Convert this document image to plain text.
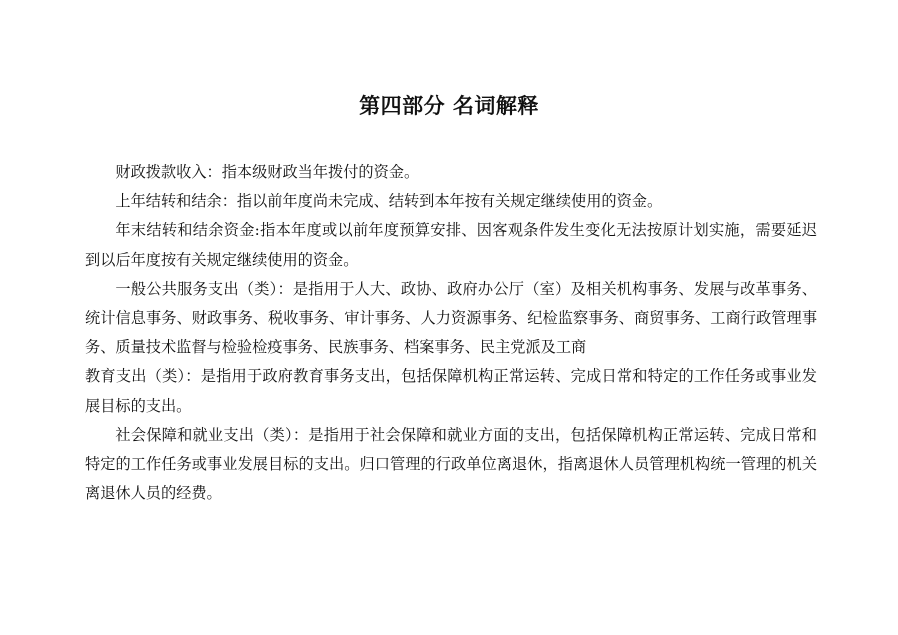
第四部分 名词解释

财政拨款收入：指本级财政当年拨付的资金。

上年结转和结余：指以前年度尚未完成、结转到本年按有关规定继续使用的资金。

年末结转和结余资金:指本年度或以前年度预算安排、因客观条件发生变化无法按原计划实施，需要延迟到以后年度按有关规定继续使用的资金。

一般公共服务支出（类）：是指用于人大、政协、政府办公厅（室）及相关机构事务、发展与改革事务、统计信息事务、财政事务、税收事务、审计事务、人力资源事务、纪检监察事务、商贸事务、工商行政管理事务、质量技术监督与检验检疫事务、民族事务、档案事务、民主党派及工商

教育支出（类）：是指用于政府教育事务支出，包括保障机构正常运转、完成日常和特定的工作任务或事业发展目标的支出。

社会保障和就业支出（类）：是指用于社会保障和就业方面的支出，包括保障机构正常运转、完成日常和特定的工作任务或事业发展目标的支出。归口管理的行政单位离退休，指离退休人员管理机构统一管理的机关离退休人员的经费。
